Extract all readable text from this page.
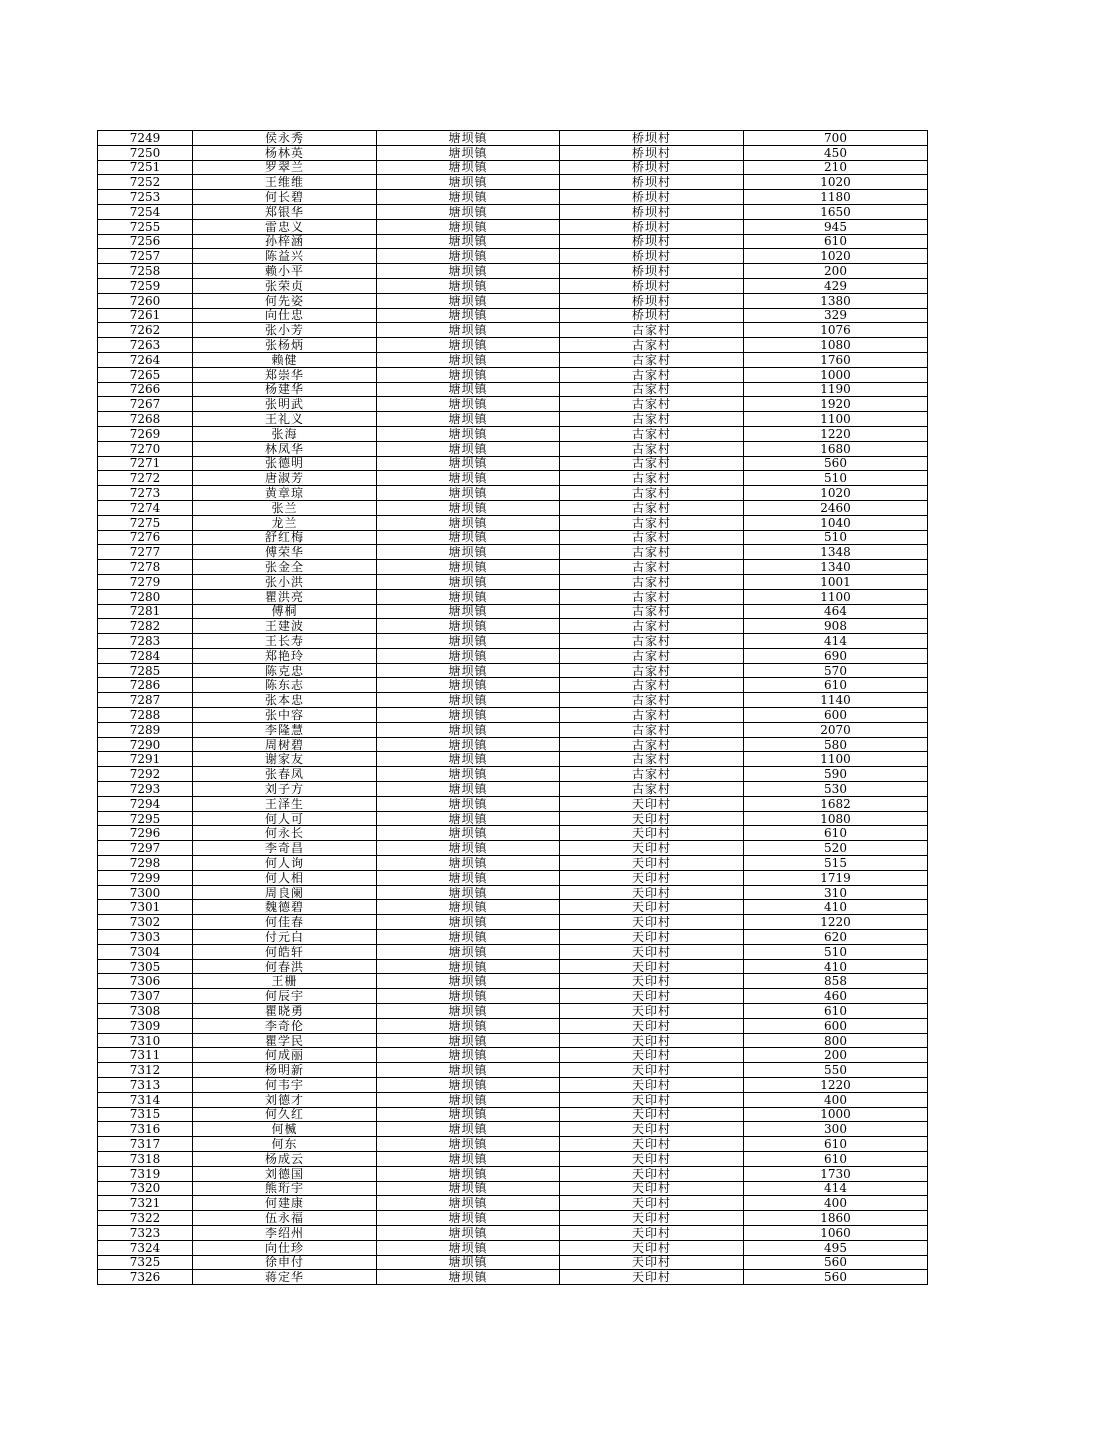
7249	侯永秀	塘坝镇	桥坝村	700
7250	杨林英	塘坝镇	桥坝村	450
7251	罗翠兰	塘坝镇	桥坝村	210
7252	王维维	塘坝镇	桥坝村	1020
7253	何长碧	塘坝镇	桥坝村	1180
7254	郑银华	塘坝镇	桥坝村	1650
7255	雷忠义	塘坝镇	桥坝村	945
7256	孙梓涵	塘坝镇	桥坝村	610
7257	陈益兴	塘坝镇	桥坝村	1020
7258	赖小平	塘坝镇	桥坝村	200
7259	张荣贞	塘坝镇	桥坝村	429
7260	何先姿	塘坝镇	桥坝村	1380
7261	向仕忠	塘坝镇	桥坝村	329
7262	张小芳	塘坝镇	古家村	1076
7263	张杨炳	塘坝镇	古家村	1080
7264	赖健	塘坝镇	古家村	1760
7265	郑崇华	塘坝镇	古家村	1000
7266	杨建华	塘坝镇	古家村	1190
7267	张明武	塘坝镇	古家村	1920
7268	王礼义	塘坝镇	古家村	1100
7269	张海	塘坝镇	古家村	1220
7270	林凤华	塘坝镇	古家村	1680
7271	张德明	塘坝镇	古家村	560
7272	唐淑芳	塘坝镇	古家村	510
7273	黄章琼	塘坝镇	古家村	1020
7274	张兰	塘坝镇	古家村	2460
7275	龙兰	塘坝镇	古家村	1040
7276	舒红梅	塘坝镇	古家村	510
7277	傅荣华	塘坝镇	古家村	1348
7278	张金全	塘坝镇	古家村	1340
7279	张小洪	塘坝镇	古家村	1001
7280	瞿洪亮	塘坝镇	古家村	1100
7281	傅桐	塘坝镇	古家村	464
7282	王建波	塘坝镇	古家村	908
7283	王长寿	塘坝镇	古家村	414
7284	郑艳玲	塘坝镇	古家村	690
7285	陈克忠	塘坝镇	古家村	570
7286	陈东志	塘坝镇	古家村	610
7287	张本忠	塘坝镇	古家村	1140
7288	张中容	塘坝镇	古家村	600
7289	李隆慧	塘坝镇	古家村	2070
7290	周树碧	塘坝镇	古家村	580
7291	谢家友	塘坝镇	古家村	1100
7292	张春凤	塘坝镇	古家村	590
7293	刘子方	塘坝镇	古家村	530
7294	王泽生	塘坝镇	天印村	1682
7295	何人可	塘坝镇	天印村	1080
7296	何永长	塘坝镇	天印村	610
7297	李奇昌	塘坝镇	天印村	520
7298	何人询	塘坝镇	天印村	515
7299	何人相	塘坝镇	天印村	1719
7300	周良阑	塘坝镇	天印村	310
7301	魏德碧	塘坝镇	天印村	410
7302	何佳春	塘坝镇	天印村	1220
7303	付元白	塘坝镇	天印村	620
7304	何皓轩	塘坝镇	天印村	510
7305	何春洪	塘坝镇	天印村	410
7306	王栅	塘坝镇	天印村	858
7307	何辰宇	塘坝镇	天印村	460
7308	瞿晓勇	塘坝镇	天印村	610
7309	李奇伦	塘坝镇	天印村	600
7310	瞿学民	塘坝镇	天印村	800
7311	何成丽	塘坝镇	天印村	200
7312	杨明新	塘坝镇	天印村	550
7313	何韦宇	塘坝镇	天印村	1220
7314	刘德才	塘坝镇	天印村	400
7315	何久红	塘坝镇	天印村	1000
7316	何楲	塘坝镇	天印村	300
7317	何东	塘坝镇	天印村	610
7318	杨成云	塘坝镇	天印村	610
7319	刘德国	塘坝镇	天印村	1730
7320	熊珩宇	塘坝镇	天印村	414
7321	何建康	塘坝镇	天印村	400
7322	伍永福	塘坝镇	天印村	1860
7323	李绍州	塘坝镇	天印村	1060
7324	向仕珍	塘坝镇	天印村	495
7325	徐申付	塘坝镇	天印村	560
7326	蒋定华	塘坝镇	天印村	560
